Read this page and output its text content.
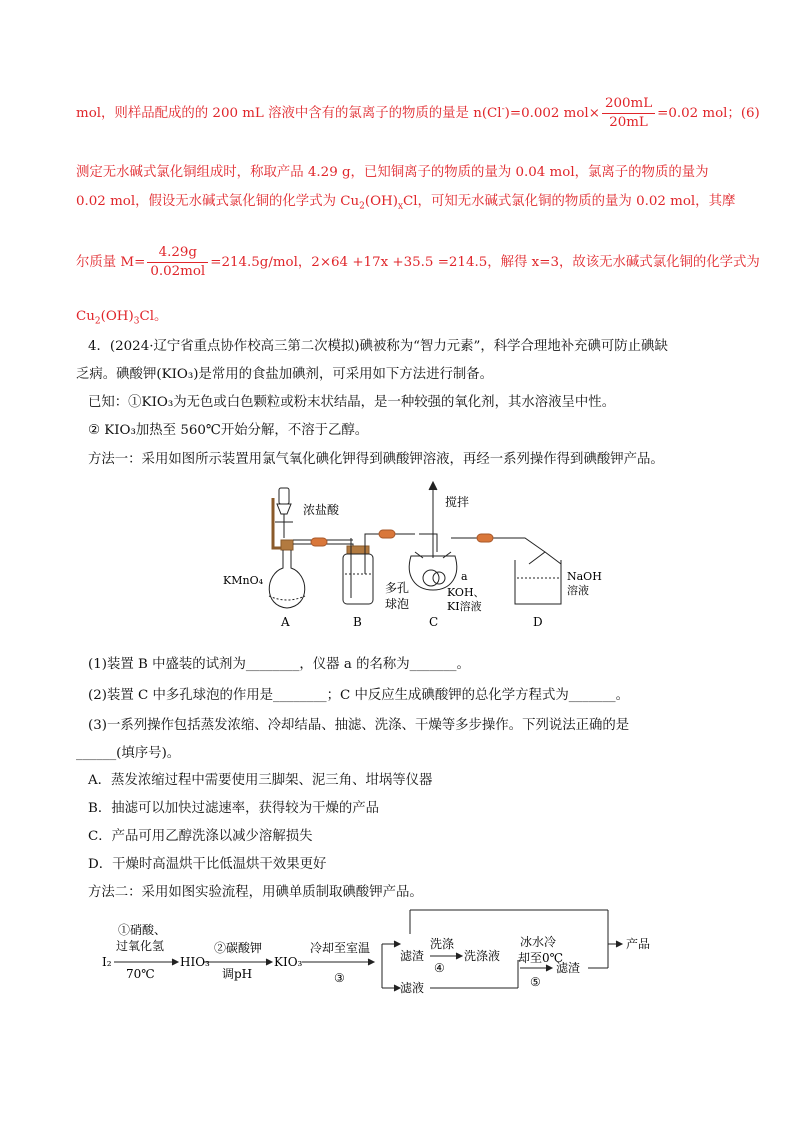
mol，则样品配成的的 200 mL 溶液中含有的氯离子的物质的量是 n(Cl-)=0.002 $mol\times \frac{200mL}{20mL} =0.02$ mol；(6)
测定无水碱式氯化铜组成时，称取产品 4.29 g，已知铜离子的物质的量为 0.04 mol，氯离子的物质的量为
0.02 mol，假设无水碱式氯化铜的化学式为 $Cu_2(OH)_xCl$，可知无水碱式氯化铜的物质的量为 0.02 mol，其摩
尔质量 $M= \frac{4.29g}{\text{0.02mol}} =214.5g/mol$，2×64 +17x +35.5 =214.5，解得 x=3，故该无水碱式氯化铜的化学式为
$Cu_2(OH)_3Cl$。
4．(2024·辽宁省重点协作校高三第二次模拟)碘被称为“智力元素”，科学合理地补充碘可防止碘缺
乏病。碘酸钾(KIO₃)是常用的食盐加碘剂，可采用如下方法进行制备。
已知：①KIO₃为无色或白色颗粒或粉末状结晶，是一种较强的氧化剂，其水溶液呈中性。
② KIO₃加热至 560℃开始分解，不溶于乙醇。
方法一：采用如图所示装置用氯气氧化碘化钾得到碘酸钾溶液，再经一系列操作得到碘酸钾产品。
浓盐酸
搅拌
KMnO₄
多孔
球泡
a
KOH、
KI溶液
NaOH
溶液
A	B	C	D
(1)装置 B 中盛装的试剂为________，仪器 a 的名称为_______。
(2)装置 C 中多孔球泡的作用是________；C 中反应生成碘酸钾的总化学方程式为_______。
(3)一系列操作包括蒸发浓缩、冷却结晶、抽滤、洗涤、干燥等多步操作。下列说法正确的是
______(填序号)。
A．蒸发浓缩过程中需要使用三脚架、泥三角、坩埚等仪器
B．抽滤可以加快过滤速率，获得较为干燥的产品
C．产品可用乙醇洗涤以减少溶解损失
D．干燥时高温烘干比低温烘干效果更好
方法二：采用如图实验流程，用碘单质制取碘酸钾产品。
I₂
①硝酸、
过氧化氢
70℃
HIO₃
②碳酸钾
调pH
KIO₃
冷却至室温
③
滤渣
洗涤
④
洗涤液
冰水冷
却至0℃
⑤
滤渣
滤液
产品
